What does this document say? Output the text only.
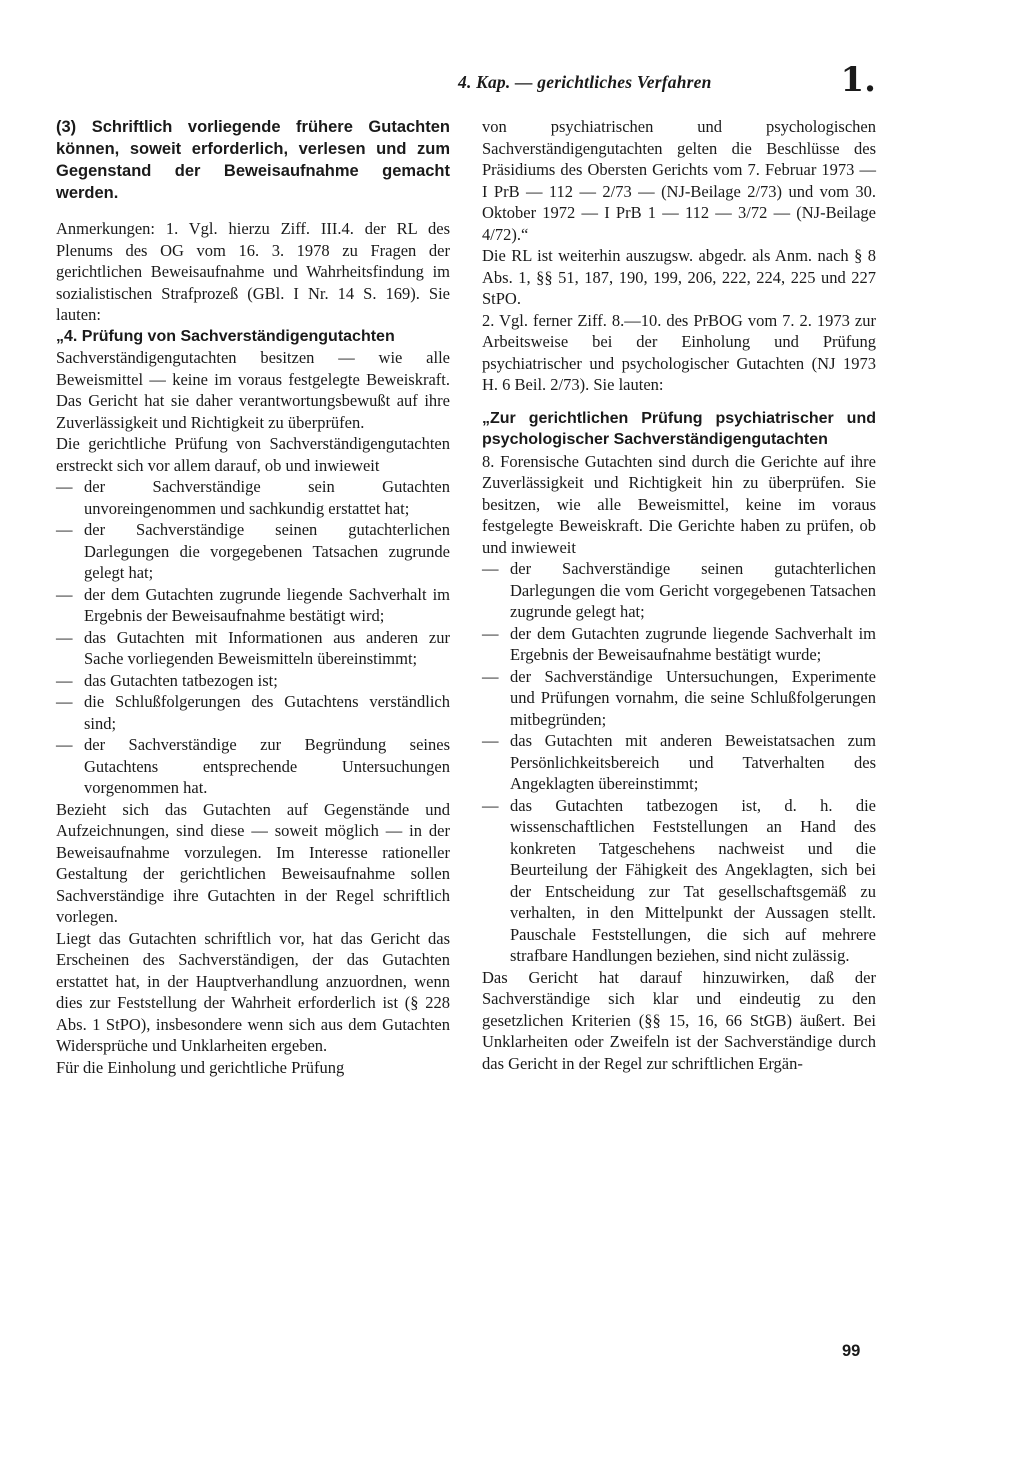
4. Kap. — gerichtliches Verfahren	1.

(3) Schriftlich vorliegende frühere Gutachten können, soweit erforderlich, verlesen und zum Gegenstand der Beweisaufnahme gemacht werden.

Anmerkungen: 1. Vgl. hierzu Ziff. III.4. der RL des Plenums des OG vom 16. 3. 1978 zu Fragen der gerichtlichen Beweisaufnahme und Wahrheitsfindung im sozialistischen Strafprozeß (GBl. I Nr. 14 S. 169). Sie lauten:

„4. Prüfung von Sachverständigengutachten

Sachverständigengutachten besitzen — wie alle Beweismittel — keine im voraus festgelegte Beweiskraft. Das Gericht hat sie daher verantwortungsbewußt auf ihre Zuverlässigkeit und Richtigkeit zu überprüfen.

Die gerichtliche Prüfung von Sachverständigengutachten erstreckt sich vor allem darauf, ob und inwieweit

— der Sachverständige sein Gutachten unvoreingenommen und sachkundig erstattet hat;
— der Sachverständige seinen gutachterlichen Darlegungen die vorgegebenen Tatsachen zugrunde gelegt hat;
— der dem Gutachten zugrunde liegende Sachverhalt im Ergebnis der Beweisaufnahme bestätigt wird;
— das Gutachten mit Informationen aus anderen zur Sache vorliegenden Beweismitteln übereinstimmt;
— das Gutachten tatbezogen ist;
— die Schlußfolgerungen des Gutachtens verständlich sind;
— der Sachverständige zur Begründung seines Gutachtens entsprechende Untersuchungen vorgenommen hat.

Bezieht sich das Gutachten auf Gegenstände und Aufzeichnungen, sind diese — soweit möglich — in der Beweisaufnahme vorzulegen. Im Interesse rationeller Gestaltung der gerichtlichen Beweisaufnahme sollen Sachverständige ihre Gutachten in der Regel schriftlich vorlegen.

Liegt das Gutachten schriftlich vor, hat das Gericht das Erscheinen des Sachverständigen, der das Gutachten erstattet hat, in der Hauptverhandlung anzuordnen, wenn dies zur Feststellung der Wahrheit erforderlich ist (§ 228 Abs. 1 StPO), insbesondere wenn sich aus dem Gutachten Widersprüche und Unklarheiten ergeben.

Für die Einholung und gerichtliche Prüfung

von psychiatrischen und psychologischen Sachverständigengutachten gelten die Beschlüsse des Präsidiums des Obersten Gerichts vom 7. Februar 1973 — I PrB — 112 — 2/73 — (NJ-Beilage 2/73) und vom 30. Oktober 1972 — I PrB 1 — 112 — 3/72 — (NJ-Beilage 4/72).“

Die RL ist weiterhin auszugsw. abgedr. als Anm. nach § 8 Abs. 1, §§ 51, 187, 190, 199, 206, 222, 224, 225 und 227 StPO.

2. Vgl. ferner Ziff. 8.—10. des PrBOG vom 7. 2. 1973 zur Arbeitsweise bei der Einholung und Prüfung psychiatrischer und psychologischer Gutachten (NJ 1973 H. 6 Beil. 2/73). Sie lauten:

„Zur gerichtlichen Prüfung psychiatrischer und psychologischer Sachverständigengutachten

8. Forensische Gutachten sind durch die Gerichte auf ihre Zuverlässigkeit und Richtigkeit hin zu überprüfen. Sie besitzen, wie alle Beweismittel, keine im voraus festgelegte Beweiskraft. Die Gerichte haben zu prüfen, ob und inwieweit

— der Sachverständige seinen gutachterlichen Darlegungen die vom Gericht vorgegebenen Tatsachen zugrunde gelegt hat;
— der dem Gutachten zugrunde liegende Sachverhalt im Ergebnis der Beweisaufnahme bestätigt wurde;
— der Sachverständige Untersuchungen, Experimente und Prüfungen vornahm, die seine Schlußfolgerungen mitbegründen;
— das Gutachten mit anderen Beweistatsachen zum Persönlichkeitsbereich und Tatverhalten des Angeklagten übereinstimmt;
— das Gutachten tatbezogen ist, d. h. die wissenschaftlichen Feststellungen an Hand des konkreten Tatgeschehens nachweist und die Beurteilung der Fähigkeit des Angeklagten, sich bei der Entscheidung zur Tat gesellschaftsgemäß zu verhalten, in den Mittelpunkt der Aussagen stellt. Pauschale Feststellungen, die sich auf mehrere strafbare Handlungen beziehen, sind nicht zulässig.

Das Gericht hat darauf hinzuwirken, daß der Sachverständige sich klar und eindeutig zu den gesetzlichen Kriterien (§§ 15, 16, 66 StGB) äußert. Bei Unklarheiten oder Zweifeln ist der Sachverständige durch das Gericht in der Regel zur schriftlichen Ergän-

99
